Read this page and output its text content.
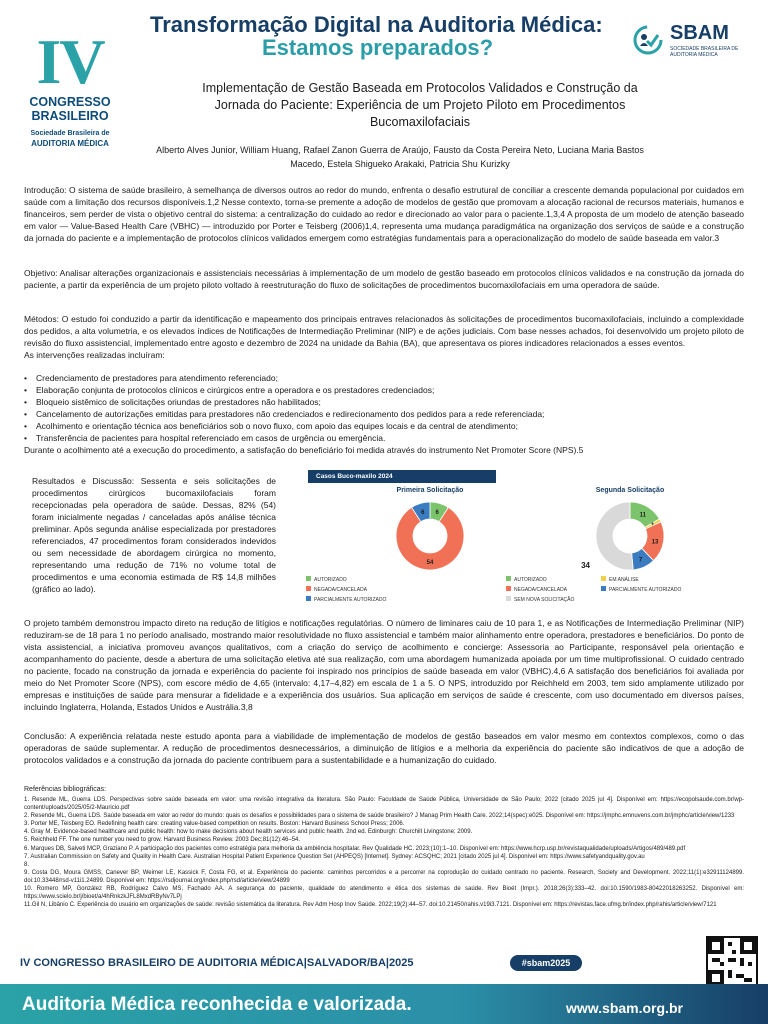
IV
CONGRESSO
BRASILEIRO
Sociedade Brasileira de
AUDITORIA MÉDICA
Transformação Digital na Auditoria Médica:
Estamos preparados?
SBAM
SOCIEDADE BRASILEIRA DE AUDITORIA MÉDICA
Implementação de Gestão Baseada em Protocolos Validados e Construção da Jornada do Paciente: Experiência de um Projeto Piloto em Procedimentos Bucomaxilofaciais
Alberto Alves Junior, William Huang, Rafael Zanon Guerra de Araújo, Fausto da Costa Pereira Neto, Luciana Maria Bastos Macedo, Estela Shigueko Arakaki, Patricia Shu Kurizky
Introdução: O sistema de saúde brasileiro, à semelhança de diversos outros ao redor do mundo, enfrenta o desafio estrutural de conciliar a crescente demanda populacional por cuidados em saúde com a limitação dos recursos disponíveis.1,2 Nesse contexto, torna-se premente a adoção de modelos de gestão que promovam a alocação racional de recursos materiais, humanos e financeiros, sem perder de vista o objetivo central do sistema: a centralização do cuidado ao redor e direcionado ao valor para o paciente.1,3,4 A proposta de um modelo de atenção baseado em valor — Value-Based Health Care (VBHC) — introduzido por Porter e Teisberg (2006)1,4, representa uma mudança paradigmática na organização dos serviços de saúde e a construção da jornada do paciente e a implementação de protocolos clínicos validados emergem como estratégias fundamentais para a operacionalização do modelo de saúde baseada em valor.3
Objetivo: Analisar alterações organizacionais e assistenciais necessárias à implementação de um modelo de gestão baseado em protocolos clínicos validados e na construção da jornada do paciente, a partir da experiência de um projeto piloto voltado à reestruturação do fluxo de solicitações de procedimentos bucomaxilofaciais em uma operadora de saúde.
Métodos: O estudo foi conduzido a partir da identificação e mapeamento dos principais entraves relacionados às solicitações de procedimentos bucomaxilofaciais, incluindo a complexidade dos pedidos, a alta volumetria, e os elevados índices de Notificações de Intermediação Preliminar (NIP) e de ações judiciais. Com base nesses achados, foi desenvolvido um projeto piloto de revisão do fluxo assistencial, implementado entre agosto e dezembro de 2024 na unidade da Bahia (BA), que apresentava os piores indicadores relacionados a esses eventos.
As intervenções realizadas incluíram:
• Credenciamento de prestadores para atendimento referenciado;
• Elaboração conjunta de protocolos clínicos e cirúrgicos entre a operadora e os prestadores credenciados;
• Bloqueio sistêmico de solicitações oriundas de prestadores não habilitados;
• Cancelamento de autorizações emitidas para prestadores não credenciados e redirecionamento dos pedidos para a rede referenciada;
• Acolhimento e orientação técnica aos beneficiários sob o novo fluxo, com apoio das equipes locais e da central de atendimento;
• Transferência de pacientes para hospital referenciado em casos de urgência ou emergência.
Durante o acolhimento até a execução do procedimento, a satisfação do beneficiário foi medida através do instrumento Net Promoter Score (NPS).5
Resultados e Discussão: Sessenta e seis solicitações de procedimentos cirúrgicos bucomaxilofaciais foram recepcionadas pela operadora de saúde. Dessas, 82% (54) foram inicialmente negadas / canceladas após análise técnica preliminar. Após segunda análise especializada por prestadores referenciados, 47 procedimentos foram considerados indevidos ou sem necessidade de abordagem cirúrgica no momento, representando uma redução de 71% no volume total de procedimentos e uma economia estimada de R$ 14,8 milhões (gráfico ao lado).
Casos Buco-maxilo 2024
Primeira Solicitação
6
54
6
AUTORIZADO
NEGADA/CANCELADA
PARCIALMENTE AUTORIZADO
Segunda Solicitação
11
13
7
34
AUTORIZADO	EM ANÁLISE
NEGADA/CANCELADA	PARCIALMENTE AUTORIZADO
SEM NOVA SOLICITAÇÃO
O projeto também demonstrou impacto direto na redução de litígios e notificações regulatórias. O número de liminares caiu de 10 para 1, e as Notificações de Intermediação Preliminar (NIP) reduziram-se de 18 para 1 no período analisado, mostrando maior resolutividade no fluxo assistencial e também maior alinhamento entre operadora, prestadores e beneficiários. Do ponto de vista assistencial, a iniciativa promoveu avanços qualitativos, com a criação do serviço de acolhimento e concierge: Assessoria ao Participante, responsável pela orientação e acompanhamento do paciente, desde a abertura de uma solicitação eletiva até sua realização, com uma abordagem humanizada apoiada por um time multiprofissional. O cuidado centrado no paciente, focado na construção da jornada e experiência do paciente foi inspirado nos princípios de saúde baseada em valor (VBHC).4,6 A satisfação dos beneficiários foi avaliada por meio do Net Promoter Score (NPS), com escore médio de 4,65 (intervalo: 4,17–4,82) em escala de 1 a 5. O NPS, introduzido por Reichheld em 2003, tem sido amplamente utilizado por empresas e instituições de saúde para mensurar a fidelidade e a experiência dos usuários. Sua aplicação em serviços de saúde é crescente, com uso documentado em diversos países, incluindo Inglaterra, Holanda, Estados Unidos e Austrália.3,8
Conclusão: A experiência relatada neste estudo aponta para a viabilidade de implementação de modelos de gestão baseados em valor mesmo em contextos complexos, como o das operadoras de saúde suplementar. A redução de procedimentos desnecessários, a diminuição de litígios e a melhoria da experiência do paciente são indicativos de que a adoção de protocolos validados e a construção da jornada do paciente contribuem para a sustentabilidade e a humanização do cuidado.
Referências bibliográficas:
1. Resende ML, Guerra LDS. Perspectivas sobre saúde baseada em valor: uma revisão integrativa da literatura. São Paulo: Faculdade de Saúde Pública, Universidade de São Paulo; 2022 [citado 2025 jul 4]. Disponível em: https://ecopolsaude.com.br/wp-content/uploads/2025/05/2-Mauricio.pdf
2. Resende ML, Guerra LDS. Saúde baseada em valor ao redor do mundo: quais os desafios e possibilidades para o sistema de saúde brasileiro? J Manag Prim Health Care. 2022;14(spec):e025. Disponível em: https://jmphc.emnuvens.com.br/jmphc/article/view/1233
3. Porter ME, Teisberg EO. Redefining health care: creating value-based competition on results. Boston: Harvard Business School Press; 2006.
4. Gray M. Evidence-based healthcare and public health: how to make decisions about health services and public health. 2nd ed. Edinburgh: Churchill Livingstone; 2009.
5. Reichheld FF. The one number you need to grow. Harvard Business Review. 2003 Dec;81(12):46–54.
6. Marques DB, Salveti MCP, Graziano P. A participação dos pacientes como estratégia para melhoria da ambiência hospitalar. Rev Qualidade HC. 2023;(10):1–10. Disponível em: https://www.hcrp.usp.br/revistaqualidade/uploads/Artigos/489/489.pdf
7. Australian Commission on Safety and Quality in Health Care. Australian Hospital Patient Experience Question Set (AHPEQS) [Internet]. Sydney: ACSQHC; 2021 [citado 2025 jul 4]. Disponível em: https://www.safetyandquality.gov.au
8.
9. Costa DG, Moura GMSS, Canever BP, Weimer LE, Kassick F, Costa FG, et al. Experiência do paciente: caminhos percorridos e a percorrer na coprodução do cuidado centrado no paciente. Research, Society and Development. 2022;11(1):e32911124899. doi:10.33448/rsd-v11i1.24899. Disponível em: https://rsdjournal.org/index.php/rsd/article/view/24899
10. Romero MP, González RB, Rodríguez Calvo MS, Fachado AA. A segurança do paciente, qualidade do atendimento e ética dos sistemas de saúde. Rev Bioét (Impr.). 2018;26(3):333–42. doi:10.1590/1983-80422018263252. Disponível em: https://www.scielo.br/j/bioet/a/4hRnkzkJFL8MxdRByNv7LPj
11.Gil N, Libânio C. Experiência do usuário em organizações de saúde: revisão sistemática da literatura. Rev Adm Hosp Inov Saúde. 2022;19(2):44–57. doi:10.21450/rahis.v19i3.7121. Disponível em: https://revistas.face.ufmg.br/index.php/rahis/article/view/7121
IV CONGRESSO BRASILEIRO DE AUDITORIA MÉDICA|SALVADOR/BA|2025	#sbam2025
Auditoria Médica reconhecida e valorizada.	www.sbam.org.br
